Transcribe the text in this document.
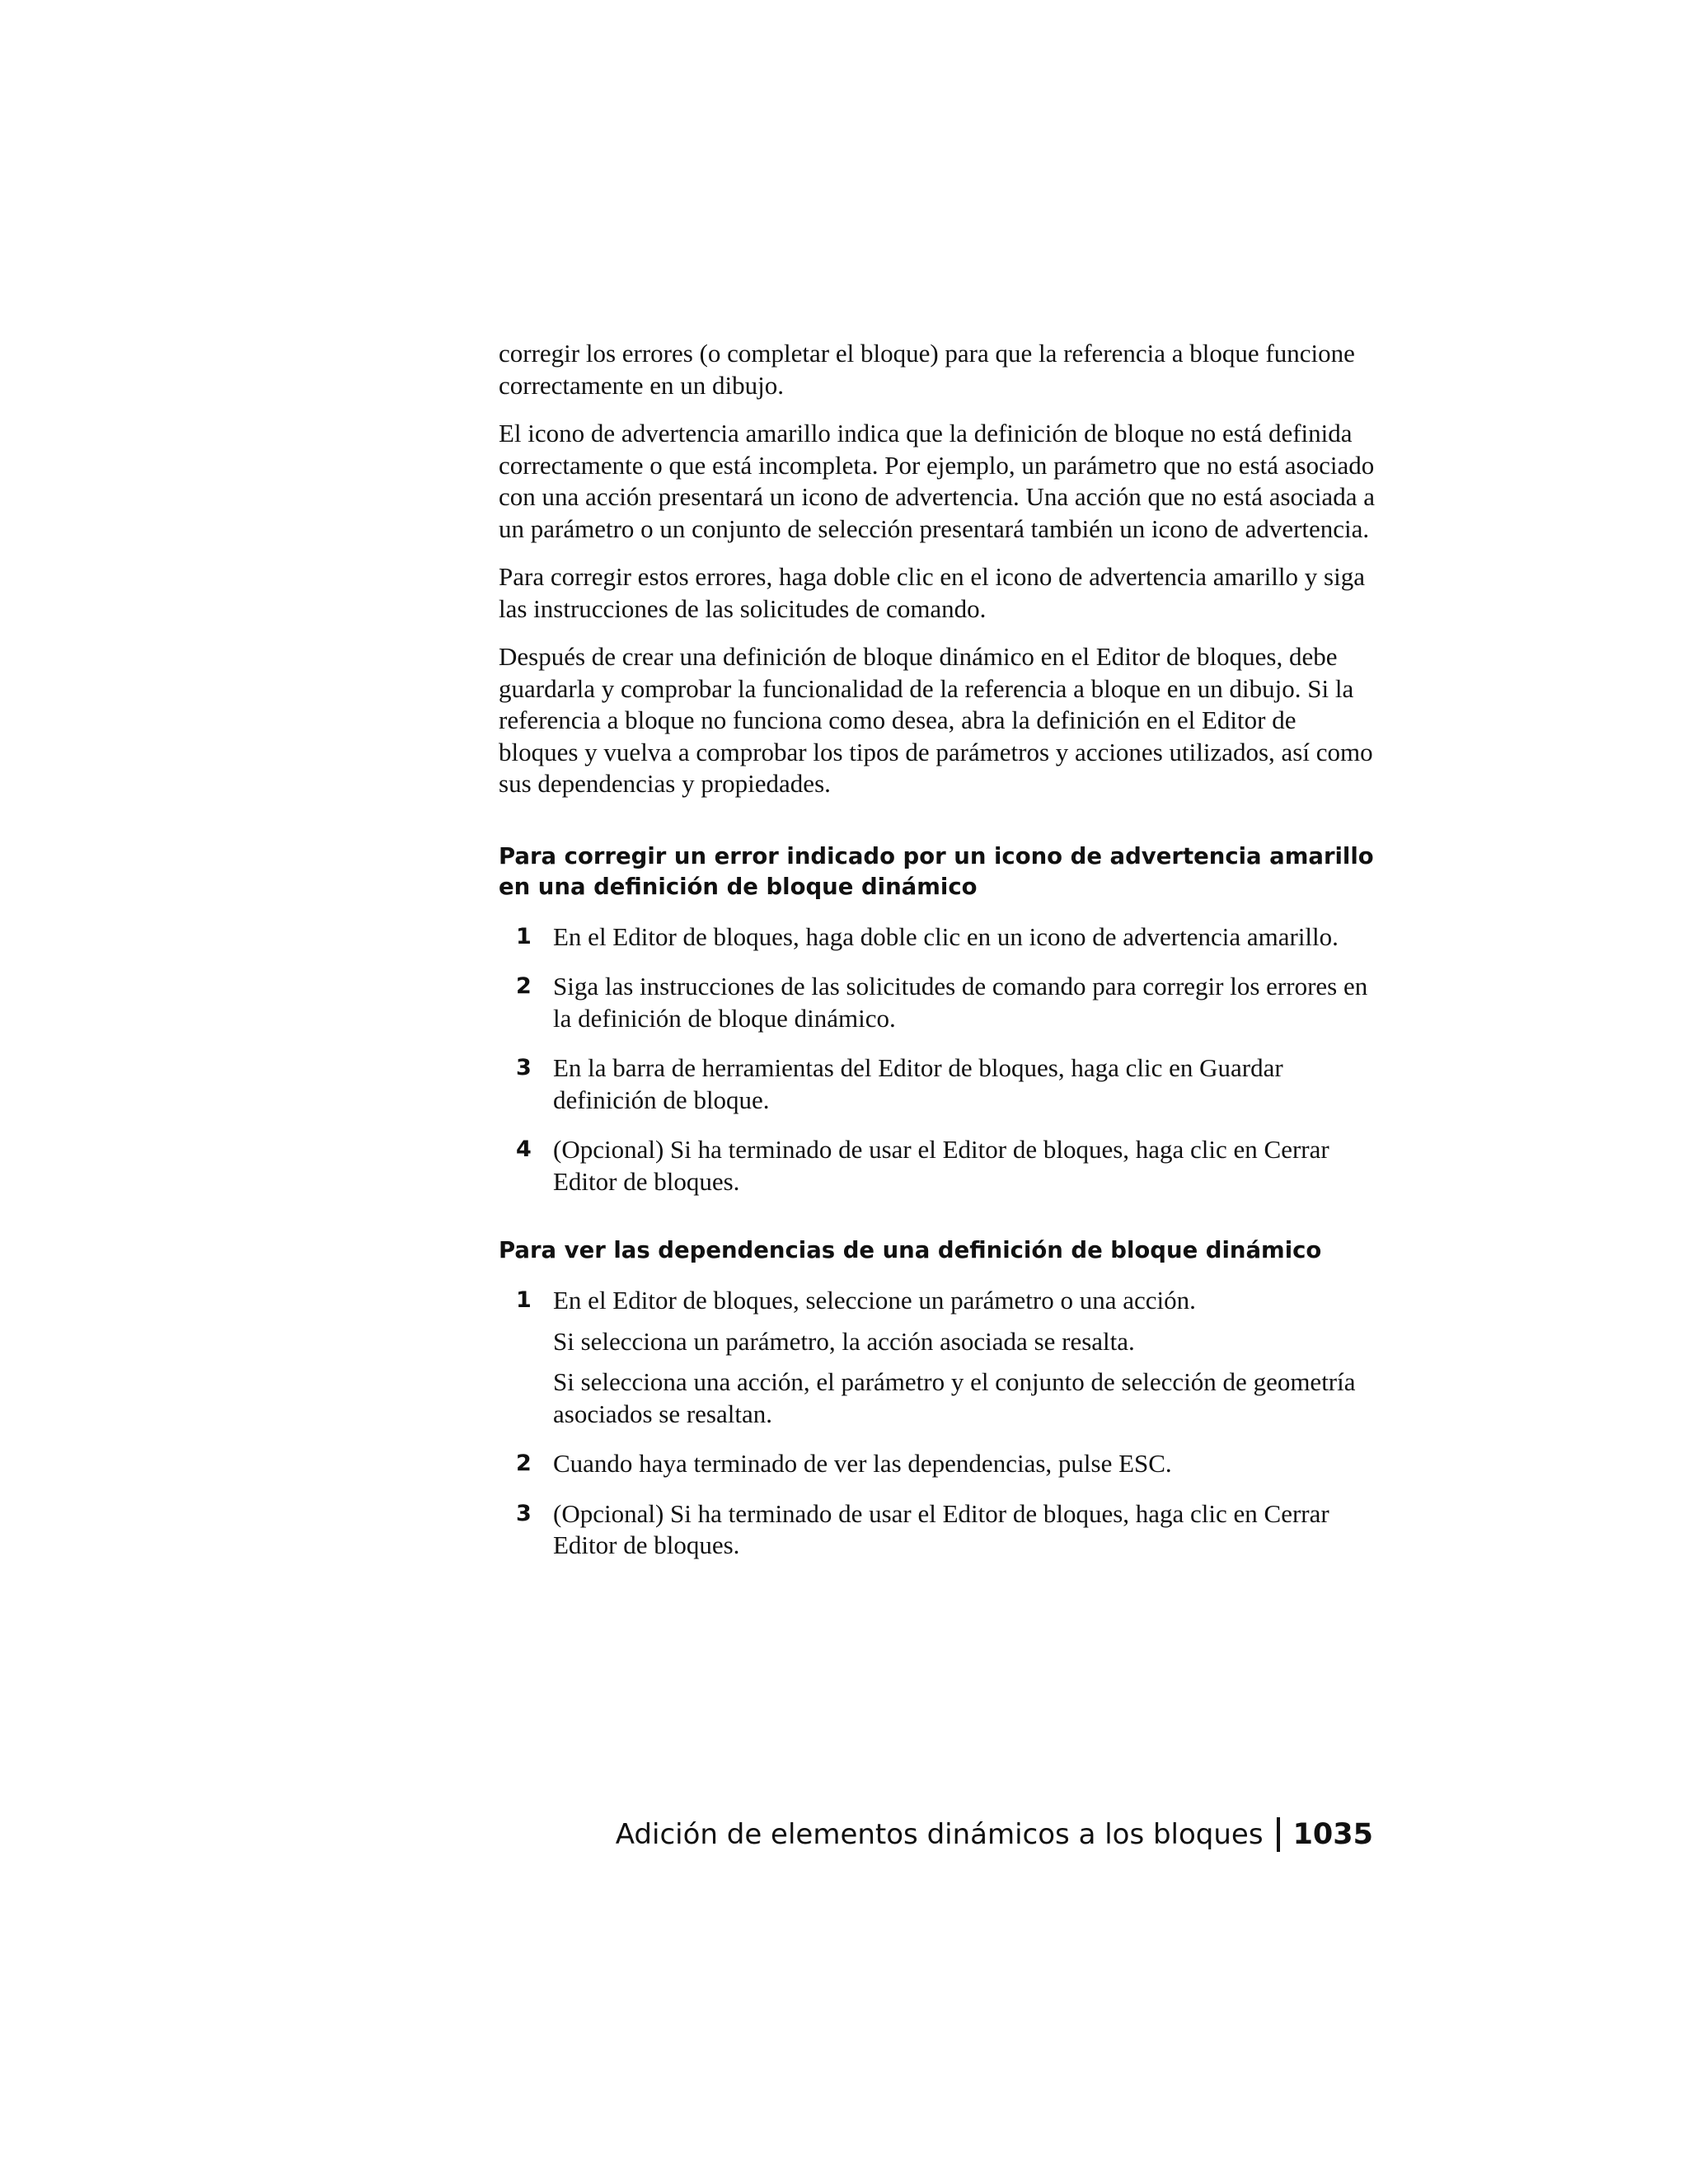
corregir los errores (o completar el bloque) para que la referencia a bloque funcione correctamente en un dibujo.

El icono de advertencia amarillo indica que la definición de bloque no está definida correctamente o que está incompleta. Por ejemplo, un parámetro que no está asociado con una acción presentará un icono de advertencia. Una acción que no está asociada a un parámetro o un conjunto de selección presentará también un icono de advertencia.

Para corregir estos errores, haga doble clic en el icono de advertencia amarillo y siga las instrucciones de las solicitudes de comando.

Después de crear una definición de bloque dinámico en el Editor de bloques, debe guardarla y comprobar la funcionalidad de la referencia a bloque en un dibujo. Si la referencia a bloque no funciona como desea, abra la definición en el Editor de bloques y vuelva a comprobar los tipos de parámetros y acciones utilizados, así como sus dependencias y propiedades.

Para corregir un error indicado por un icono de advertencia amarillo en una definición de bloque dinámico
1 En el Editor de bloques, haga doble clic en un icono de advertencia amarillo.

2 Siga las instrucciones de las solicitudes de comando para corregir los errores en la definición de bloque dinámico.

3 En la barra de herramientas del Editor de bloques, haga clic en Guardar definición de bloque.

4 (Opcional) Si ha terminado de usar el Editor de bloques, haga clic en Cerrar Editor de bloques.

Para ver las dependencias de una definición de bloque dinámico
1 En el Editor de bloques, seleccione un parámetro o una acción.

Si selecciona un parámetro, la acción asociada se resalta.

Si selecciona una acción, el parámetro y el conjunto de selección de geometría asociados se resaltan.

2 Cuando haya terminado de ver las dependencias, pulse ESC.

3 (Opcional) Si ha terminado de usar el Editor de bloques, haga clic en Cerrar Editor de bloques.

Adición de elementos dinámicos a los bloques 1035
